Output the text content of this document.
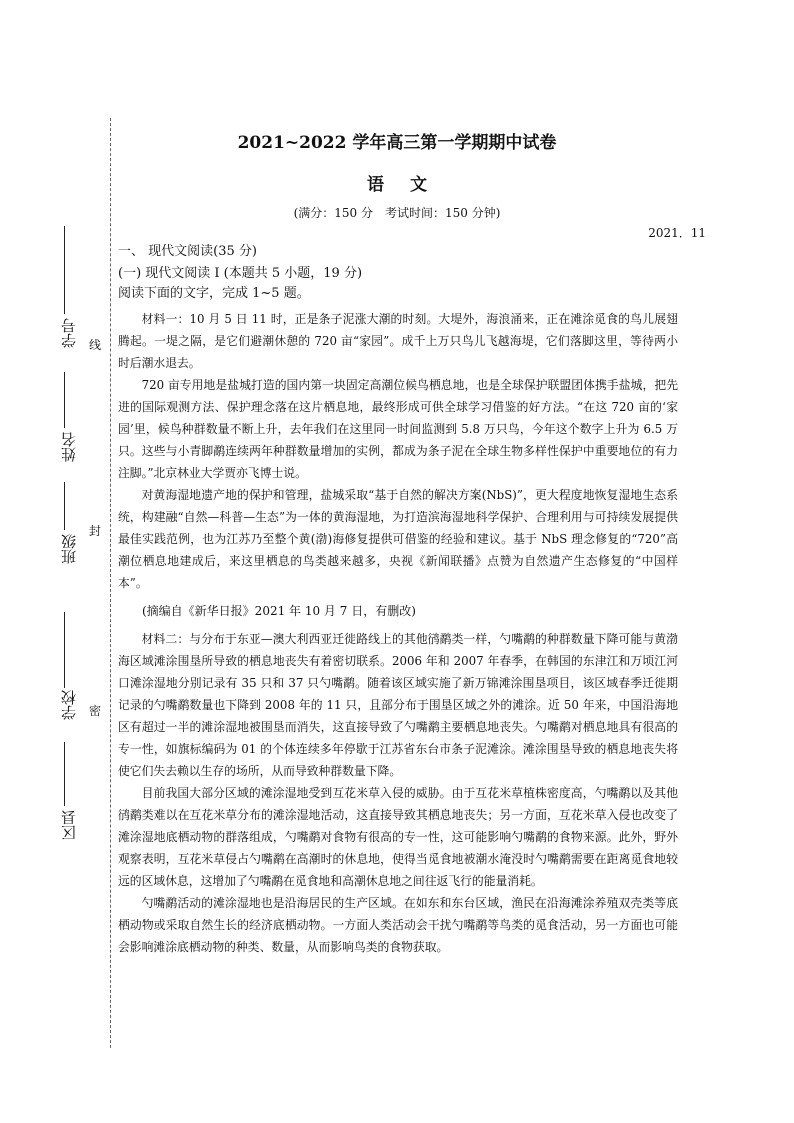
线
封
密
学号
姓名
班级
学校
区县
2021~2022 学年高三第一学期期中试卷
语文
(满分：150 分　考试时间：150 分钟)
2021．11
一、 现代文阅读(35 分)
(一) 现代文阅读 I (本题共 5 小题，19 分)
阅读下面的文字，完成 1~5 题。

材料一：10 月 5 日 11 时，正是条子泥涨大潮的时刻。大堤外，海浪涌来，正在滩涂觅食的鸟儿展翅腾起。一堤之隔，是它们避潮休憩的 720 亩“家园”。成千上万只鸟儿飞越海堤，它们落脚这里，等待两小时后潮水退去。

720 亩专用地是盐城打造的国内第一块固定高潮位候鸟栖息地，也是全球保护联盟团体携手盐城，把先进的国际观测方法、保护理念落在这片栖息地，最终形成可供全球学习借鉴的好方法。“在这 720 亩的‘家园’里，候鸟种群数量不断上升，去年我们在这里同一时间监测到 5.8 万只鸟，今年这个数字上升为 6.5 万只。这些与小青脚鹬连续两年种群数量增加的实例，都成为条子泥在全球生物多样性保护中重要地位的有力注脚。”北京林业大学贾亦飞博士说。

对黄海湿地遗产地的保护和管理，盐城采取“基于自然的解决方案(NbS)”，更大程度地恢复湿地生态系统，构建融“自然—科普—生态”为一体的黄海湿地，为打造滨海湿地科学保护、合理利用与可持续发展提供最佳实践范例，也为江苏乃至整个黄(渤)海修复提供可借鉴的经验和建议。基于 NbS 理念修复的“720”高潮位栖息地建成后，来这里栖息的鸟类越来越多，央视《新闻联播》点赞为自然遗产生态修复的“中国样本”。

(摘编自《新华日报》2021 年 10 月 7 日，有删改)

材料二：与分布于东亚—澳大利西亚迁徙路线上的其他鸻鹬类一样，勺嘴鹬的种群数量下降可能与黄渤海区域滩涂围垦所导致的栖息地丧失有着密切联系。2006 年和 2007 年春季，在韩国的东津江和万顷江河口滩涂湿地分别记录有 35 只和 37 只勺嘴鹬。随着该区域实施了新万锦滩涂围垦项目，该区域春季迁徙期记录的勺嘴鹬数量也下降到 2008 年的 11 只，且部分布于围垦区域之外的滩涂。近 50 年来，中国沿海地区有超过一半的滩涂湿地被围垦而消失，这直接导致了勺嘴鹬主要栖息地丧失。勺嘴鹬对栖息地具有很高的专一性，如旗标编码为 01 的个体连续多年停歇于江苏省东台市条子泥滩涂。滩涂围垦导致的栖息地丧失将使它们失去赖以生存的场所，从而导致种群数量下降。

目前我国大部分区域的滩涂湿地受到互花米草入侵的威胁。由于互花米草植株密度高，勺嘴鹬以及其他鸻鹬类难以在互花米草分布的滩涂湿地活动，这直接导致其栖息地丧失；另一方面，互花米草入侵也改变了滩涂湿地底栖动物的群落组成，勺嘴鹬对食物有很高的专一性，这可能影响勺嘴鹬的食物来源。此外，野外观察表明，互花米草侵占勺嘴鹬在高潮时的休息地，使得当觅食地被潮水淹没时勺嘴鹬需要在距离觅食地较远的区域休息，这增加了勺嘴鹬在觅食地和高潮休息地之间往返飞行的能量消耗。

勺嘴鹬活动的滩涂湿地也是沿海居民的生产区域。在如东和东台区域，渔民在沿海滩涂养殖双壳类等底栖动物或采取自然生长的经济底栖动物。一方面人类活动会干扰勺嘴鹬等鸟类的觅食活动，另一方面也可能会影响滩涂底栖动物的种类、数量，从而影响鸟类的食物获取。
